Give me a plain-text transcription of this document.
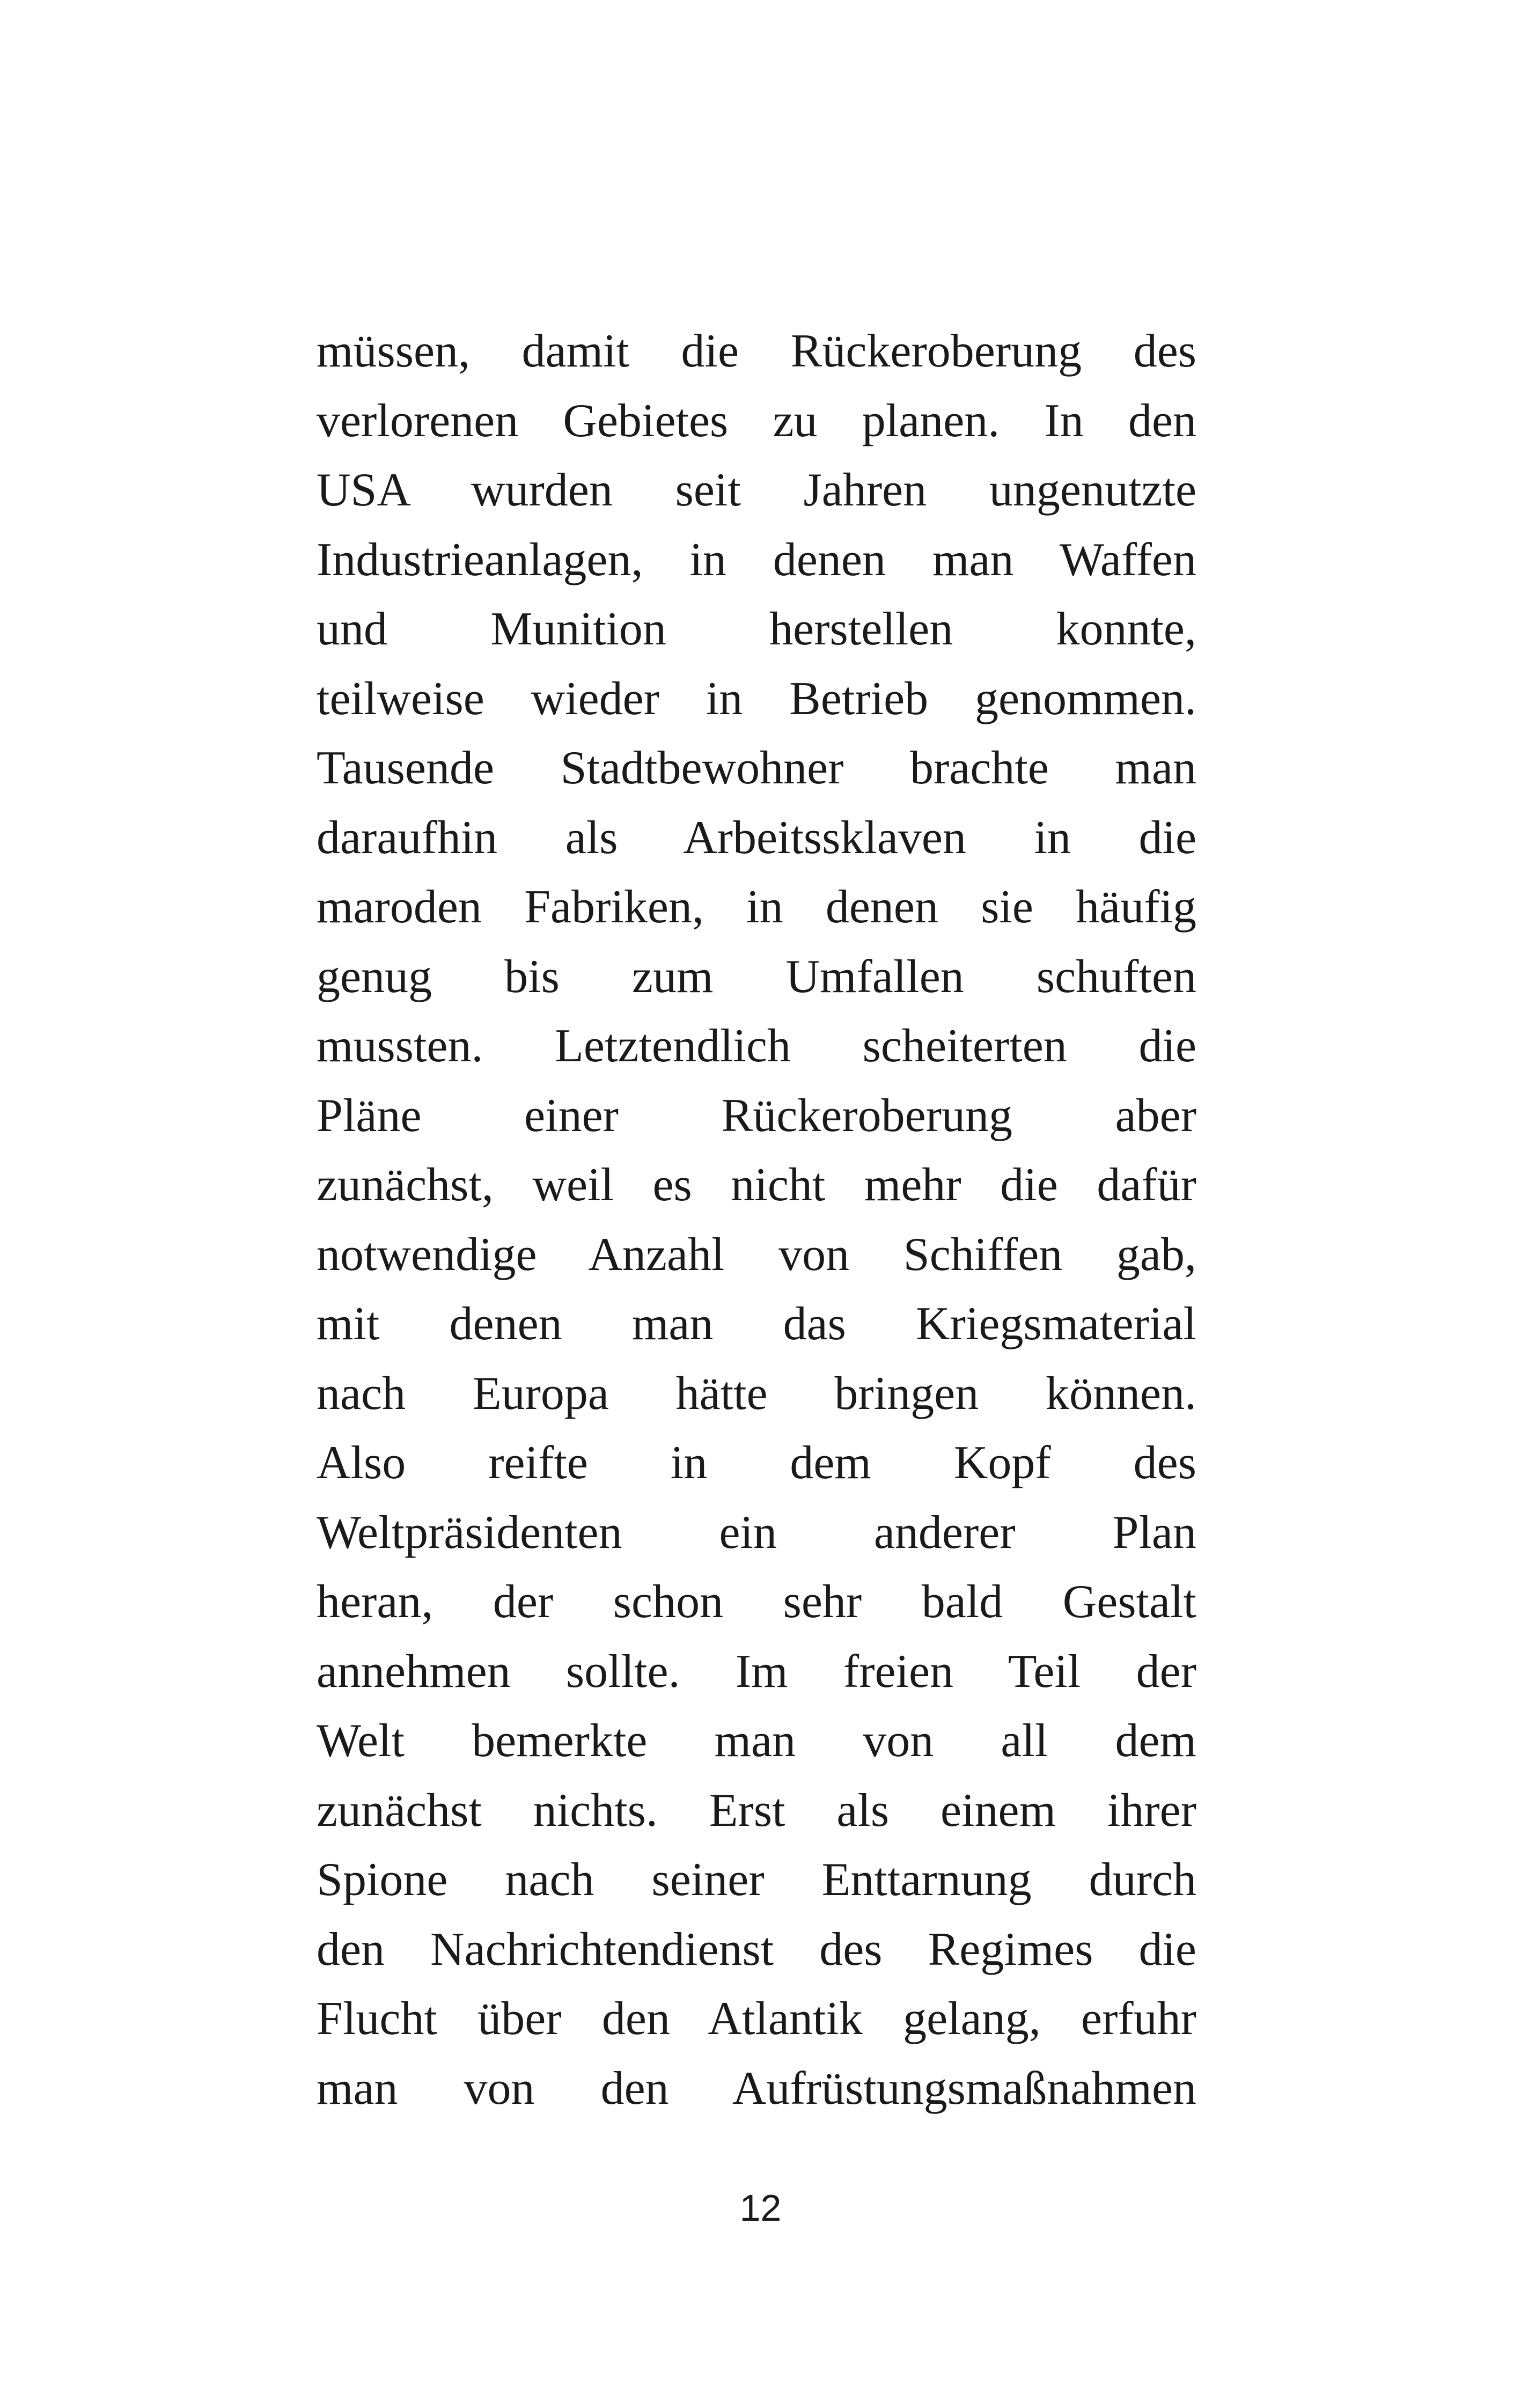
müssen, damit die Rückeroberung des
verlorenen Gebietes zu planen. In den
USA wurden seit Jahren ungenutzte
Industrieanlagen, in denen man Waffen
und Munition herstellen konnte,
teilweise wieder in Betrieb genommen.
Tausende Stadtbewohner brachte man
daraufhin als Arbeitssklaven in die
maroden Fabriken, in denen sie häufig
genug bis zum Umfallen schuften
mussten. Letztendlich scheiterten die
Pläne einer Rückeroberung aber
zunächst, weil es nicht mehr die dafür
notwendige Anzahl von Schiffen gab,
mit denen man das Kriegsmaterial
nach Europa hätte bringen können.
Also reifte in dem Kopf des
Weltpräsidenten ein anderer Plan
heran, der schon sehr bald Gestalt
annehmen sollte. Im freien Teil der
Welt bemerkte man von all dem
zunächst nichts. Erst als einem ihrer
Spione nach seiner Enttarnung durch
den Nachrichtendienst des Regimes die
Flucht über den Atlantik gelang, erfuhr
man von den Aufrüstungsmaßnahmen
12
